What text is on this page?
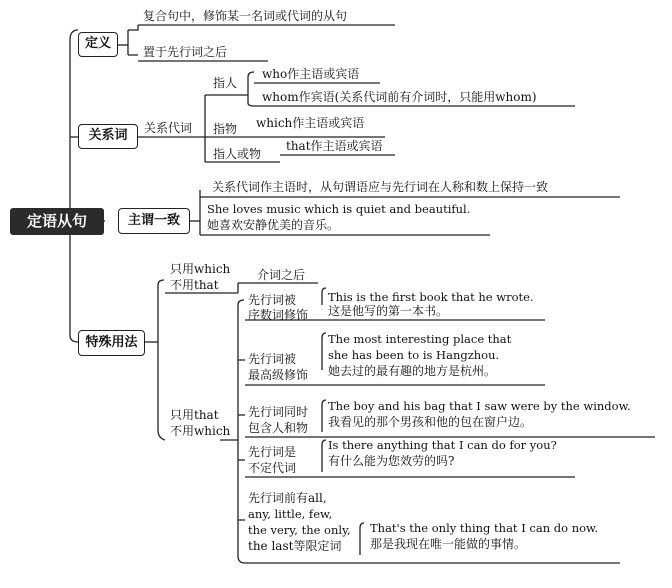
定语从句
定义
复合句中，修饰某一名词或代词的从句
置于先行词之后
关系词	关系代词
指人
who作主语或宾语
whom作宾语(关系代词前有介词时，只能用whom)
指物 which作主语或宾语
指人或物
that作主语或宾语
主谓一致
关系代词作主语时，从句谓语应与先行词在人称和数上保持一致
She loves music which is quiet and beautiful.
她喜欢安静优美的音乐。
特殊用法
只用which
不用that
介词之后
只用that
不用which
先行词被
序数词修饰
This is the first book that he wrote.
这是他写的第一本书。
先行词被
最高级修饰
The most interesting place that
she has been to is Hangzhou.
她去过的最有趣的地方是杭州。
先行词同时
包含人和物
The boy and his bag that I saw were by the window.
我看见的那个男孩和他的包在窗户边。
先行词是
不定代词
Is there anything that I can do for you?
有什么能为您效劳的吗?
先行词前有all,
any, little, few,
the very, the only,
the last等限定词
That's the only thing that I can do now.
那是我现在唯一能做的事情。
